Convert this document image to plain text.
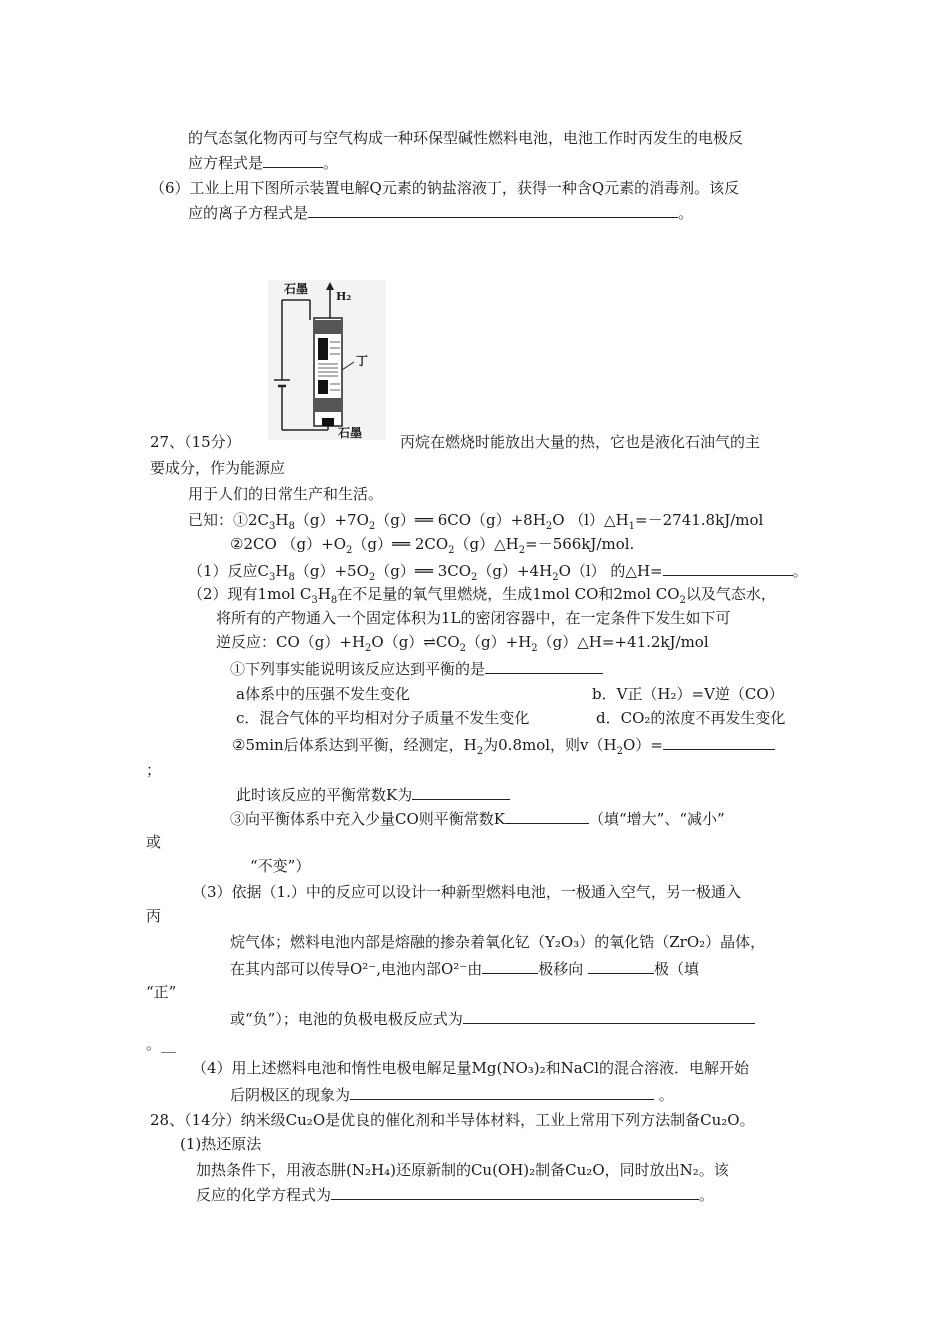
的气态氢化物丙可与空气构成一种环保型碱性燃料电池，电池工作时丙发生的电极反
应方程式是	。
（6）工业上用下图所示装置电解Q元素的钠盐溶液丁，获得一种含Q元素的消毒剂。该反
应的离子方程式是	。
石墨
H₂
丁
石墨
27、（15分）	丙烷在燃烧时能放出大量的热，它也是液化石油气的主
要成分，作为能源应
用于人们的日常生产和生活。
已知：$①2C_3H_8(g)+7O_2(g)══$ $6CO(g)+8H_2O$ $(l)\triangle H_1=-2741.8kJ$/mol
②2CO $(g)+O_2(g)══$ $2CO_2(g)\triangle H_2=-566kJ$/mol.
（1）反应$C_3H_8(g)+5O_2(g)══$ $3CO_2(g)+4H_2O(l)$ 的△H=	。
（2）现有1mol $C_3H_8$在不足量的氧气里燃烧，生成1mol CO和2mol $CO_2$以及气态水，
将所有的产物通入一个固定体积为1L的密闭容器中，在一定条件下发生如下可
逆反应：$CO(g)+H_2O(g)\rightleftharpoons CO_2(g)+H_2(g)\triangle H=+41.2kJ$/mol
①下列事实能说明该反应达到平衡的是
a体系中的压强不发生变化	b．V正（H₂）=V逆（CO）
c．混合气体的平均相对分子质量不发生变化	d．CO₂的浓度不再发生变化
②5min后体系达到平衡，经测定，$H_2$为0.8mol，则$v(H_2O)=$
；
此时该反应的平衡常数K为
③向平衡体系中充入少量CO则平衡常数K	（填“增大”、“减小”
或
“不变”）
（3）依据（1.）中的反应可以设计一种新型燃料电池，一极通入空气，另一极通入
丙
烷气体；燃料电池内部是熔融的掺杂着氧化钇（Y₂O₃）的氧化锆（ZrO₂）晶体，
在其内部可以传导O²⁻,电池内部O²⁻由	极移向	极（填
“正”
或“负”）；电池的负极电极反应式为
。__
（4）用上述燃料电池和惰性电极电解足量Mg(NO₃)₂和NaCl的混合溶液．电解开始
后阴极区的现象为	。
28、（14分）纳米级Cu₂O是优良的催化剂和半导体材料，工业上常用下列方法制备Cu₂O。
(1)热还原法
加热条件下，用液态肼(N₂H₄)还原新制的Cu(OH)₂制备Cu₂O，同时放出N₂。该
反应的化学方程式为	。
